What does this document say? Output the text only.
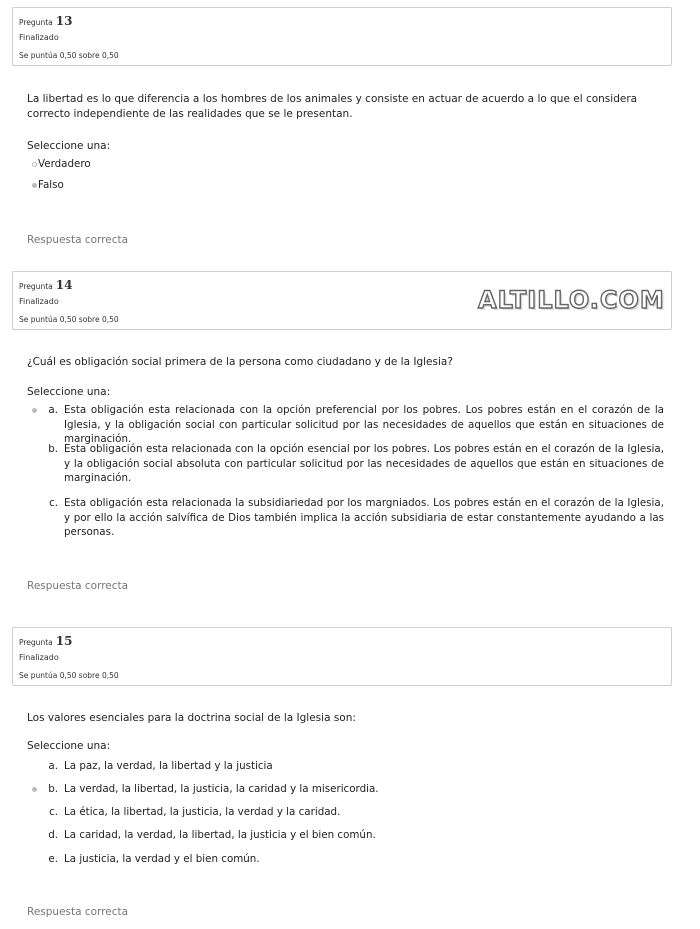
Pregunta 13
Finalizado
Se puntúa 0,50 sobre 0,50
La libertad es lo que diferencia a los hombres de los animales y consiste en actuar de acuerdo a lo que el considera correcto independiente de las realidades que se le presentan.
Seleccione una:
Verdadero
Falso
Respuesta correcta
Pregunta 14
Finalizado
Se puntúa 0,50 sobre 0,50
ALTILLO.COM
¿Cuál es obligación social primera de la persona como ciudadano y de la Iglesia?
Seleccione una:
a. Esta obligación esta relacionada con la opción preferencial por los pobres. Los pobres están en el corazón de la Iglesia, y la obligación social con particular solicitud por las necesidades de aquellos que están en situaciones de marginación.
b. Esta obligación esta relacionada con la opción esencial por los pobres. Los pobres están en el corazón de la Iglesia, y la obligación social absoluta con particular solicitud por las necesidades de aquellos que están en situaciones de marginación.
c. Esta obligación esta relacionada la subsidiariedad por los margniados. Los pobres están en el corazón de la Iglesia, y por ello la acción salvífica de Dios también implica la acción subsidiaria de estar constantemente ayudando a las personas.
Respuesta correcta
Pregunta 15
Finalizado
Se puntúa 0,50 sobre 0,50
Los valores esenciales para la doctrina social de la Iglesia son:
Seleccione una:
a. La paz, la verdad, la libertad y la justicia
b. La verdad, la libertad, la justicia, la caridad y la misericordia.
c. La ética, la libertad, la justicia, la verdad y la caridad.
d. La caridad, la verdad, la libertad, la justicia y el bien común.
e. La justicia, la verdad y el bien común.
Respuesta correcta
